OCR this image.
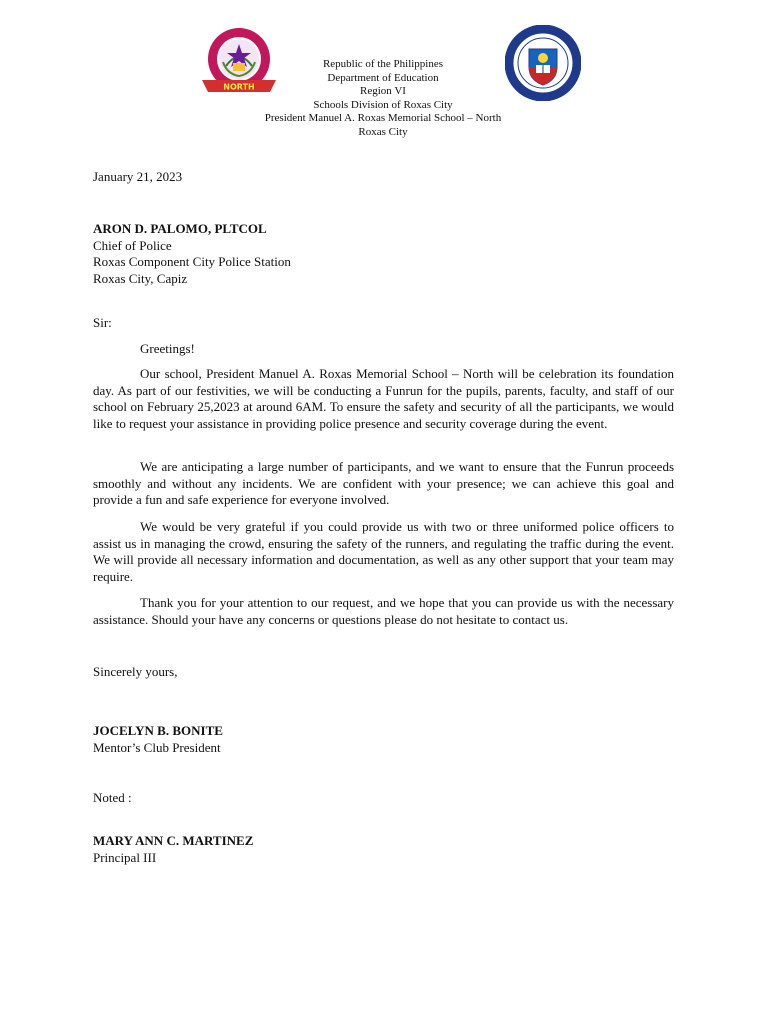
NORTH
Republic of the Philippines
Department of Education
Region VI
Schools Division of Roxas City
President Manuel A. Roxas Memorial School – North
Roxas City
January 21, 2023
ARON D. PALOMO, PLTCOL
Chief of Police
Roxas Component City Police Station
Roxas City, Capiz
Sir:
Greetings!
Our school, President Manuel A. Roxas Memorial School – North will be celebration its foundation day. As part of our festivities, we will be conducting a Funrun for the pupils, parents, faculty, and staff of our school on February 25,2023 at around 6AM. To ensure the safety and security of all the participants, we would like to request your assistance in providing police presence and security coverage during the event.
We are anticipating a large number of participants, and we want to ensure that the Funrun proceeds smoothly and without any incidents. We are confident with your presence; we can achieve this goal and provide a fun and safe experience for everyone involved.
We would be very grateful if you could provide us with two or three uniformed police officers to assist us in managing the crowd, ensuring the safety of the runners, and regulating the traffic during the event. We will provide all necessary information and documentation, as well as any other support that your team may require.
Thank you for your attention to our request, and we hope that you can provide us with the necessary assistance. Should your have any concerns or questions please do not hesitate to contact us.
Sincerely yours,
JOCELYN B. BONITE
Mentor’s Club President
Noted :
MARY ANN C. MARTINEZ
Principal III
